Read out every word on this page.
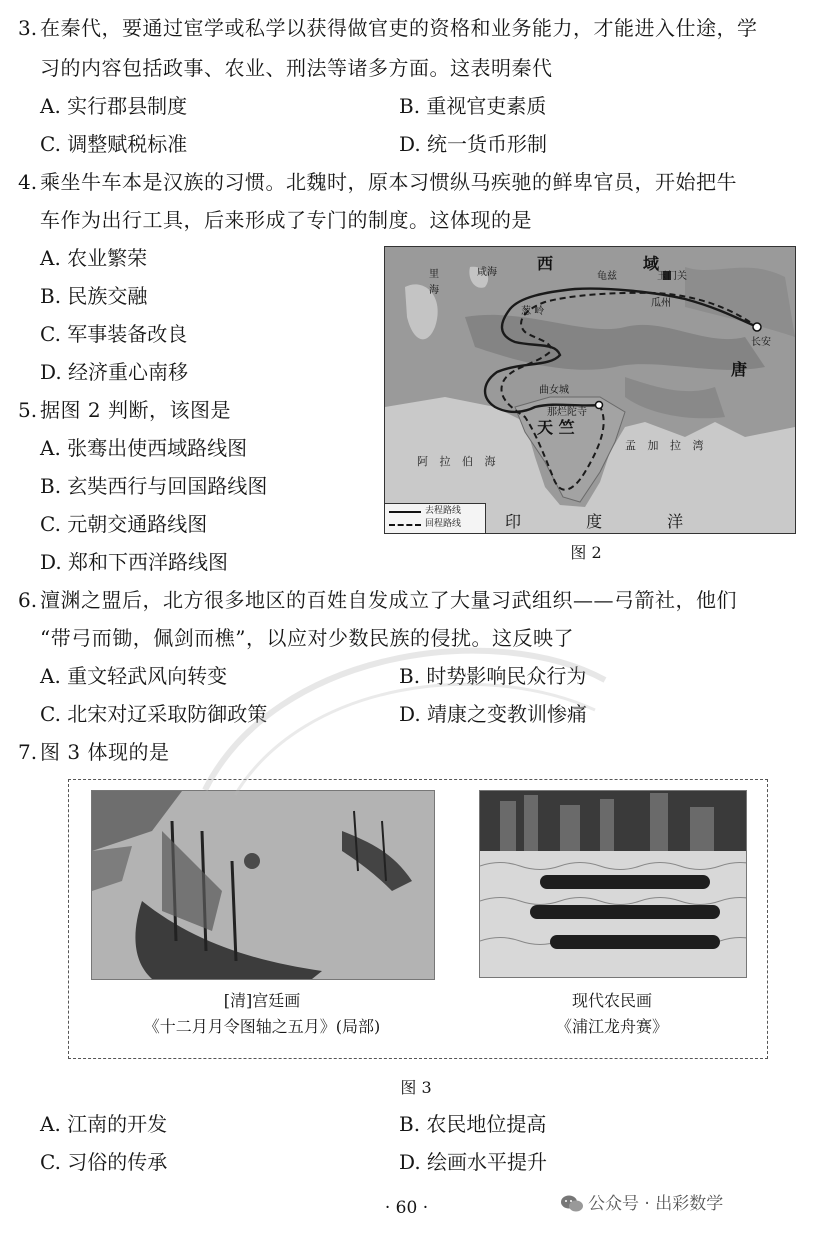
3. 在秦代，要通过宦学或私学以获得做官吏的资格和业务能力，才能进入仕途，学
习的内容包括政事、农业、刑法等诸多方面。这表明秦代
A. 实行郡县制度	B. 重视官吏素质
C. 调整赋税标准	D. 统一货币形制
4. 乘坐牛车本是汉族的习惯。北魏时，原本习惯纵马疾驰的鲜卑官员，开始把牛
车作为出行工具，后来形成了专门的制度。这体现的是
A. 农业繁荣
B. 民族交融
C. 军事装备改良
D. 经济重心南移
5. 据图 2 判断，该图是
A. 张骞出使西域路线图
B. 玄奘西行与回国路线图
C. 元朝交通路线图
D. 郑和下西洋路线图
里
海
咸海	西	域
龟兹	玉门关
瓜州
葱 岭
长安
唐
曲女城
那烂陀寺
天 竺
阿 拉 伯 海
孟 加 拉 湾
印 度 洋
去程路线
回程路线
图 2
6. 澶渊之盟后，北方很多地区的百姓自发成立了大量习武组织——弓箭社，他们
“带弓而锄，佩剑而樵”，以应对少数民族的侵扰。这反映了
A. 重文轻武风向转变	B. 时势影响民众行为
C. 北宋对辽采取防御政策	D. 靖康之变教训惨痛
7. 图 3 体现的是
[清]宫廷画
《十二月月令图轴之五月》(局部)
现代农民画
《浦江龙舟赛》
图 3
A. 江南的开发	B. 农民地位提高
C. 习俗的传承	D. 绘画水平提升
· 60 ·	公众号 · 出彩数学
